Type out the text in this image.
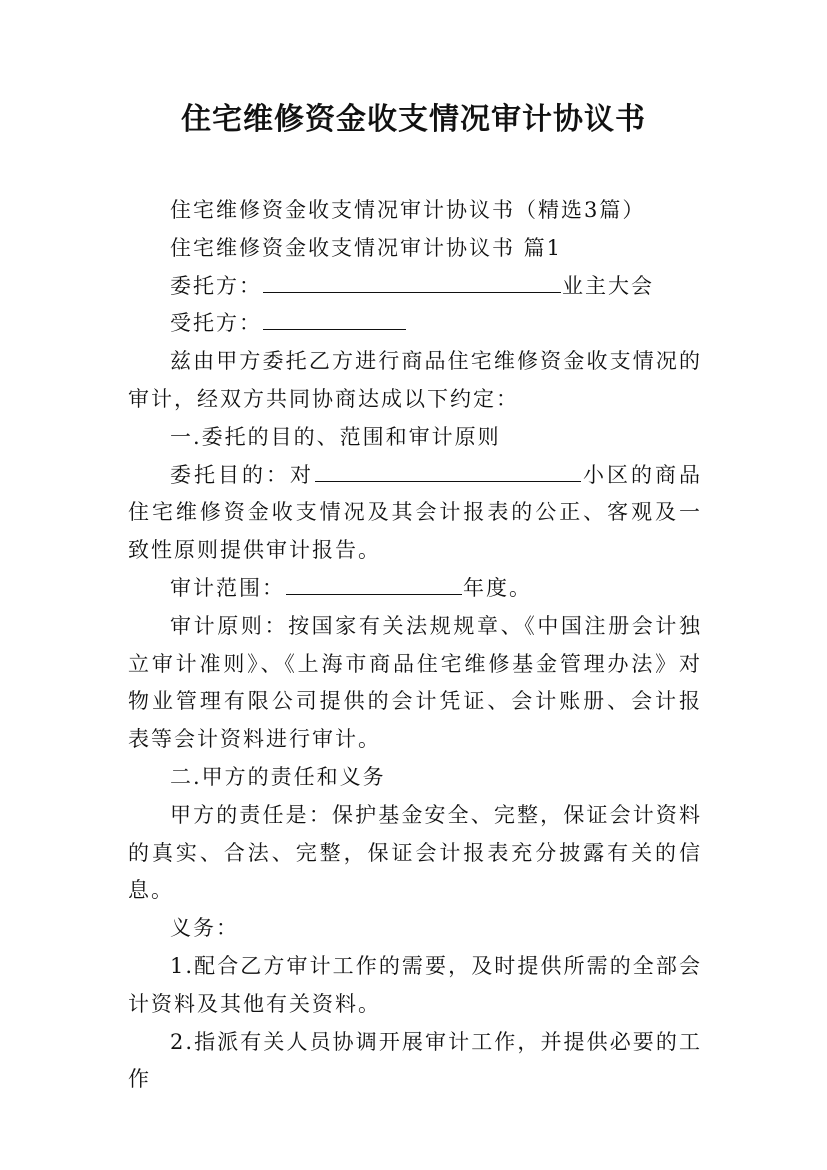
住宅维修资金收支情况审计协议书

住宅维修资金收支情况审计协议书（精选3篇）

住宅维修资金收支情况审计协议书 篇1

委托方：	业主大会

受托方：

兹由甲方委托乙方进行商品住宅维修资金收支情况的审计，经双方共同协商达成以下约定：

一.委托的目的、范围和审计原则

委托目的：对	小区的商品住宅维修资金收支情况及其会计报表的公正、客观及一致性原则提供审计报告。

审计范围：	年度。

审计原则：按国家有关法规规章、《中国注册会计独立审计准则》、《上海市商品住宅维修基金管理办法》对物业管理有限公司提供的会计凭证、会计账册、会计报表等会计资料进行审计。

二.甲方的责任和义务

甲方的责任是：保护基金安全、完整，保证会计资料的真实、合法、完整，保证会计报表充分披露有关的信息。

义务：

1.配合乙方审计工作的需要，及时提供所需的全部会计资料及其他有关资料。

2.指派有关人员协调开展审计工作，并提供必要的工作
